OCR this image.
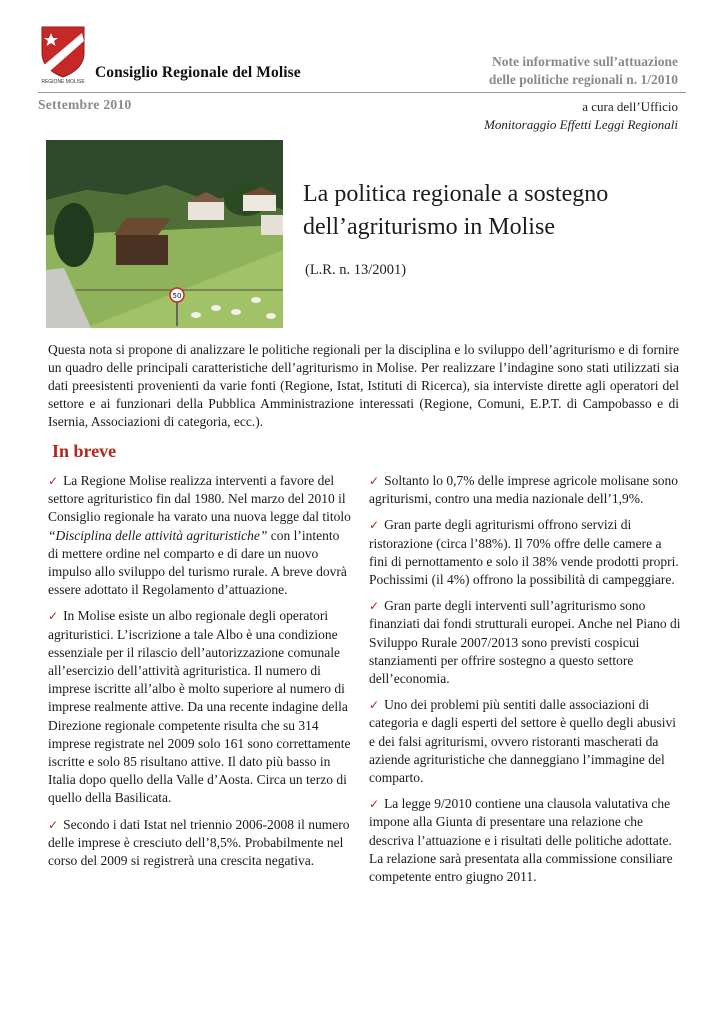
REGIONE MOLISE
Consiglio Regionale del Molise
Note informative sull’attuazione
delle politiche regionali n. 1/2010
Settembre 2010	a cura dell’Ufficio
Monitoraggio Effetti Leggi Regionali
50
La politica regionale a sostegno
dell’agriturismo in Molise
(L.R. n. 13/2001)
Questa nota si propone di analizzare le politiche regionali per la disciplina e lo sviluppo dell’agriturismo e di fornire un quadro delle principali caratteristiche dell’agriturismo in Molise. Per realizzare l’indagine sono stati utilizzati sia dati preesistenti provenienti da varie fonti (Regione, Istat, Istituti di Ricerca), sia interviste dirette agli operatori del settore e ai funzionari della Pubblica Amministrazione interessati (Regione, Comuni, E.P.T. di Campobasso e di Isernia, Associazioni di categoria, ecc.).
In breve
✓ La Regione Molise realizza interventi a favore del settore agrituristico fin dal 1980. Nel marzo del 2010 il Consiglio regionale ha varato una nuova legge dal titolo “Disciplina delle attività agrituristiche” con l’intento di mettere ordine nel comparto e di dare un nuovo impulso allo sviluppo del turismo rurale. A breve dovrà essere adottato il Regolamento d’attuazione.
✓ In Molise esiste un albo regionale degli operatori agrituristici. L’iscrizione a tale Albo è una condizione essenziale per il rilascio dell’autorizzazione comunale all’esercizio dell’attività agrituristica. Il numero di imprese iscritte all’albo è molto superiore al numero di imprese realmente attive. Da una recente indagine della Direzione regionale competente risulta che su 314 imprese registrate nel 2009 solo 161 sono correttamente iscritte e solo 85 risultano attive. Il dato più basso in Italia dopo quello della Valle d’Aosta. Circa un terzo di quello della Basilicata.
✓ Secondo i dati Istat nel triennio 2006-2008 il numero delle imprese è cresciuto dell’8,5%. Probabilmente nel corso del 2009 si registrerà una crescita negativa.
✓ Soltanto lo 0,7% delle imprese agricole molisane sono agriturismi, contro una media nazionale dell’1,9%.
✓ Gran parte degli agriturismi offrono servizi di ristorazione (circa l’88%). Il 70% offre delle camere a fini di pernottamento e solo il 38% vende prodotti propri. Pochissimi (il 4%) offrono la possibilità di campeggiare.
✓ Gran parte degli interventi sull’agriturismo sono finanziati dai fondi strutturali europei. Anche nel Piano di Sviluppo Rurale 2007/2013 sono previsti cospicui stanziamenti per offrire sostegno a questo settore dell’economia.
✓ Uno dei problemi più sentiti dalle associazioni di categoria e dagli esperti del settore è quello degli abusivi e dei falsi agriturismi, ovvero ristoranti mascherati da aziende agrituristiche che danneggiano l’immagine del comparto.
✓ La legge 9/2010 contiene una clausola valutativa che impone alla Giunta di presentare una relazione che descriva l’attuazione e i risultati delle politiche adottate. La relazione sarà presentata alla commissione consiliare competente entro giugno 2011.
